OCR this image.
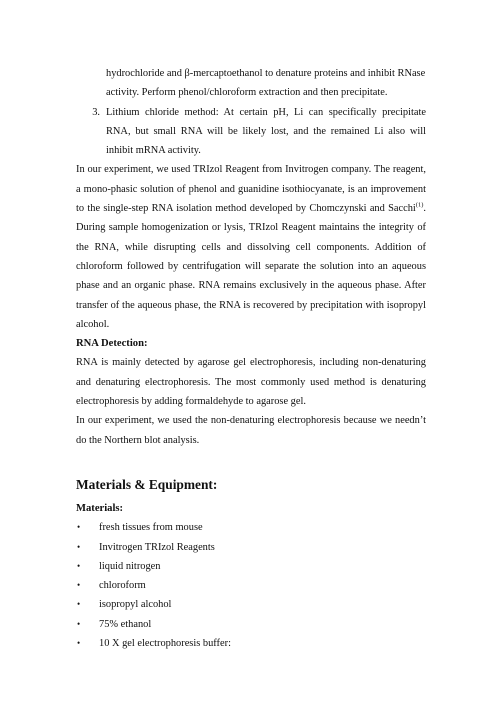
hydrochloride and β-mercaptoethanol to denature proteins and inhibit RNase

activity. Perform phenol/chloroform extraction and then precipitate.

3. Lithium chloride method: At certain pH, Li can specifically precipitate RNA, but small RNA will be likely lost, and the remained Li also will inhibit mRNA activity.

In our experiment, we used TRIzol Reagent from Invitrogen company. The reagent, a mono-phasic solution of phenol and guanidine isothiocyanate, is an improvement to the single-step RNA isolation method developed by Chomczynski and Sacchi$^{(1)}$. During sample homogenization or lysis, TRIzol Reagent maintains the integrity of the RNA, while disrupting cells and dissolving cell components. Addition of chloroform followed by centrifugation will separate the solution into an aqueous phase and an organic phase. RNA remains exclusively in the aqueous phase. After transfer of the aqueous phase, the RNA is recovered by precipitation with isopropyl alcohol.

RNA Detection:

RNA is mainly detected by agarose gel electrophoresis, including non-denaturing and denaturing electrophoresis. The most commonly used method is denaturing electrophoresis by adding formaldehyde to agarose gel.

In our experiment, we used the non-denaturing electrophoresis because we needn’t do the Northern blot analysis.

Materials & Equipment:

Materials:

•	fresh tissues from mouse
•	Invitrogen TRIzol Reagents
•	liquid nitrogen
•	chloroform
•	isopropyl alcohol
•	75% ethanol
•	10 X gel electrophoresis buffer:
